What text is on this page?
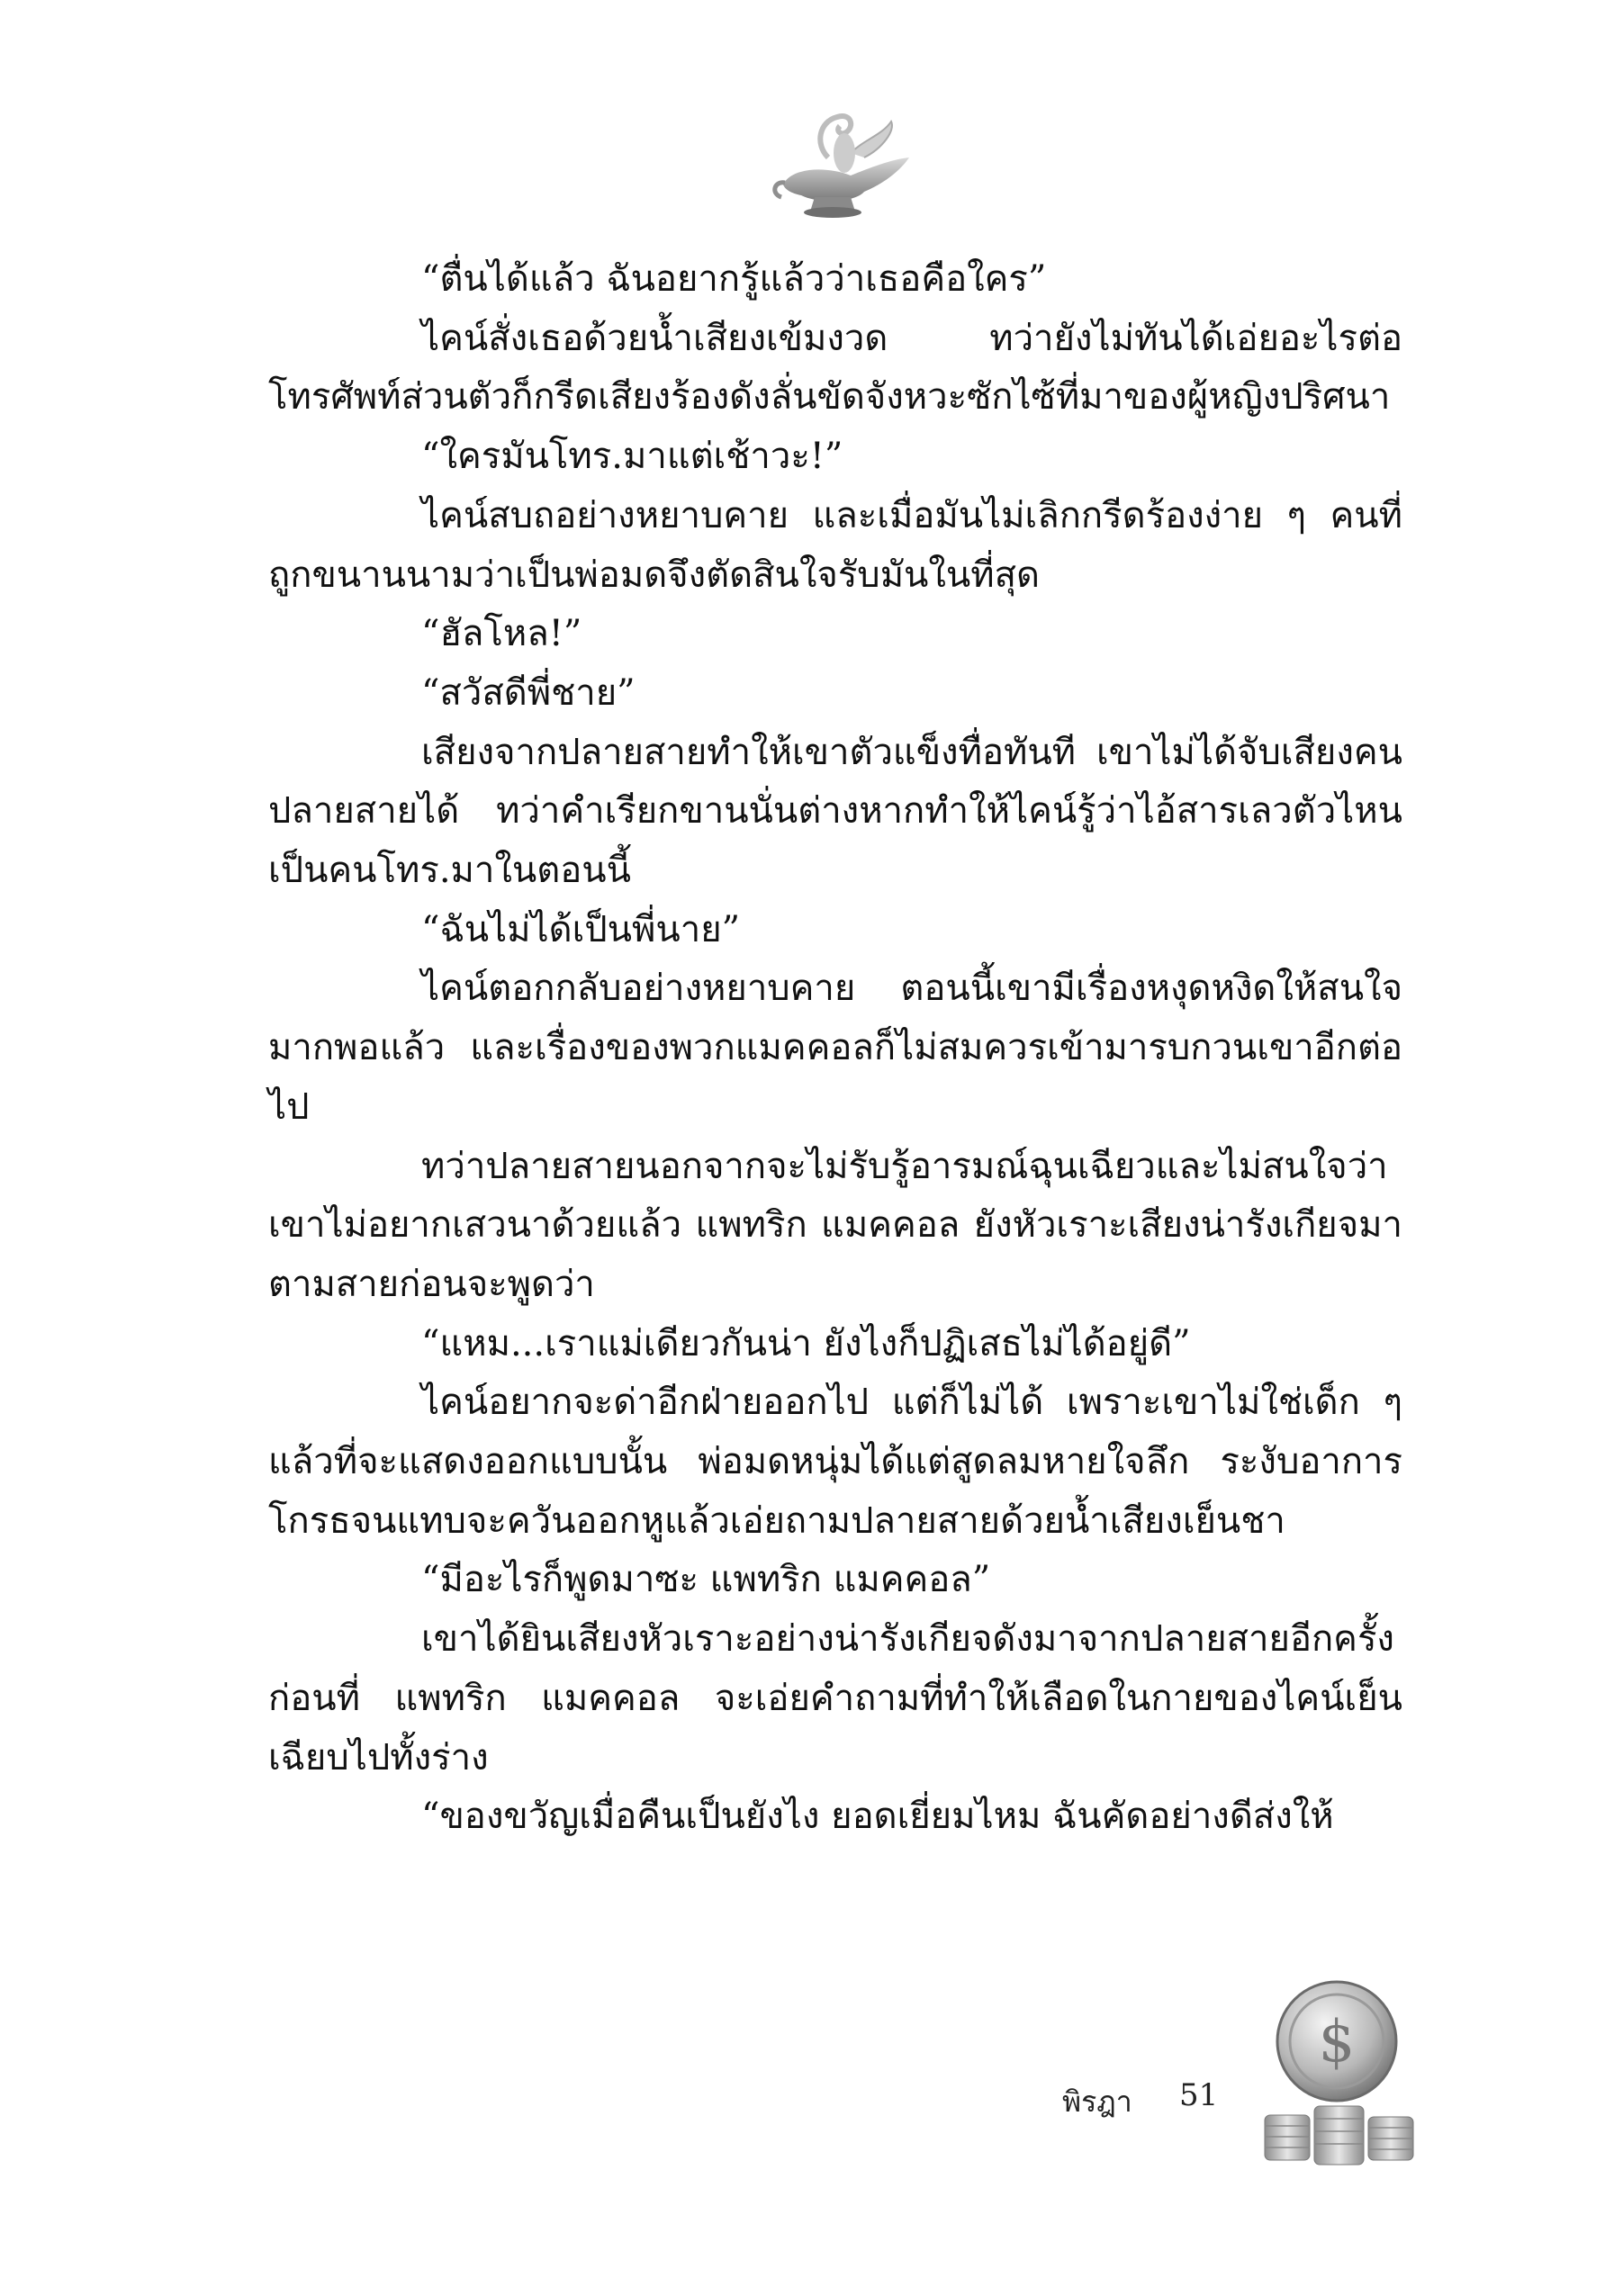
“ตื่นได้แล้ว ฉันอยากรู้แล้วว่าเธอคือใคร”

ไคน์สั่งเธอด้วยน้ำเสียงเข้มงวด ทว่ายังไม่ทันได้เอ่ยอะไรต่อ โทรศัพท์ส่วนตัวก็กรีดเสียงร้องดังลั่นขัดจังหวะซักไซ้ที่มาของผู้หญิงปริศนา

“ใครมันโทร.มาแต่เช้าวะ!”

ไคน์สบถอย่างหยาบคาย และเมื่อมันไม่เลิกกรีดร้องง่าย ๆ คนที่ถูกขนานนามว่าเป็นพ่อมดจึงตัดสินใจรับมันในที่สุด

“ฮัลโหล!”

“สวัสดีพี่ชาย”

เสียงจากปลายสายทำให้เขาตัวแข็งทื่อทันที เขาไม่ได้จับเสียงคนปลายสายได้ ทว่าคำเรียกขานนั่นต่างหากทำให้ไคน์รู้ว่าไอ้สารเลวตัวไหนเป็นคนโทร.มาในตอนนี้

“ฉันไม่ได้เป็นพี่นาย”

ไคน์ตอกกลับอย่างหยาบคาย ตอนนี้เขามีเรื่องหงุดหงิดให้สนใจมากพอแล้ว และเรื่องของพวกแมคคอลก็ไม่สมควรเข้ามารบกวนเขาอีกต่อไป

ทว่าปลายสายนอกจากจะไม่รับรู้อารมณ์ฉุนเฉียวและไม่สนใจว่าเขาไม่อยากเสวนาด้วยแล้ว แพทริก แมคคอล ยังหัวเราะเสียงน่ารังเกียจมาตามสายก่อนจะพูดว่า

“แหม...เราแม่เดียวกันน่า ยังไงก็ปฏิเสธไม่ได้อยู่ดี”

ไคน์อยากจะด่าอีกฝ่ายออกไป แต่ก็ไม่ได้ เพราะเขาไม่ใช่เด็ก ๆ แล้วที่จะแสดงออกแบบนั้น พ่อมดหนุ่มได้แต่สูดลมหายใจลึก ระงับอาการโกรธจนแทบจะควันออกหูแล้วเอ่ยถามปลายสายด้วยน้ำเสียงเย็นชา

“มีอะไรก็พูดมาซะ แพทริก แมคคอล”

เขาได้ยินเสียงหัวเราะอย่างน่ารังเกียจดังมาจากปลายสายอีกครั้งก่อนที่ แพทริก แมคคอล จะเอ่ยคำถามที่ทำให้เลือดในกายของไคน์เย็นเฉียบไปทั้งร่าง

“ของขวัญเมื่อคืนเป็นยังไง ยอดเยี่ยมไหม ฉันคัดอย่างดีส่งให้

พิรฎา 51
$
